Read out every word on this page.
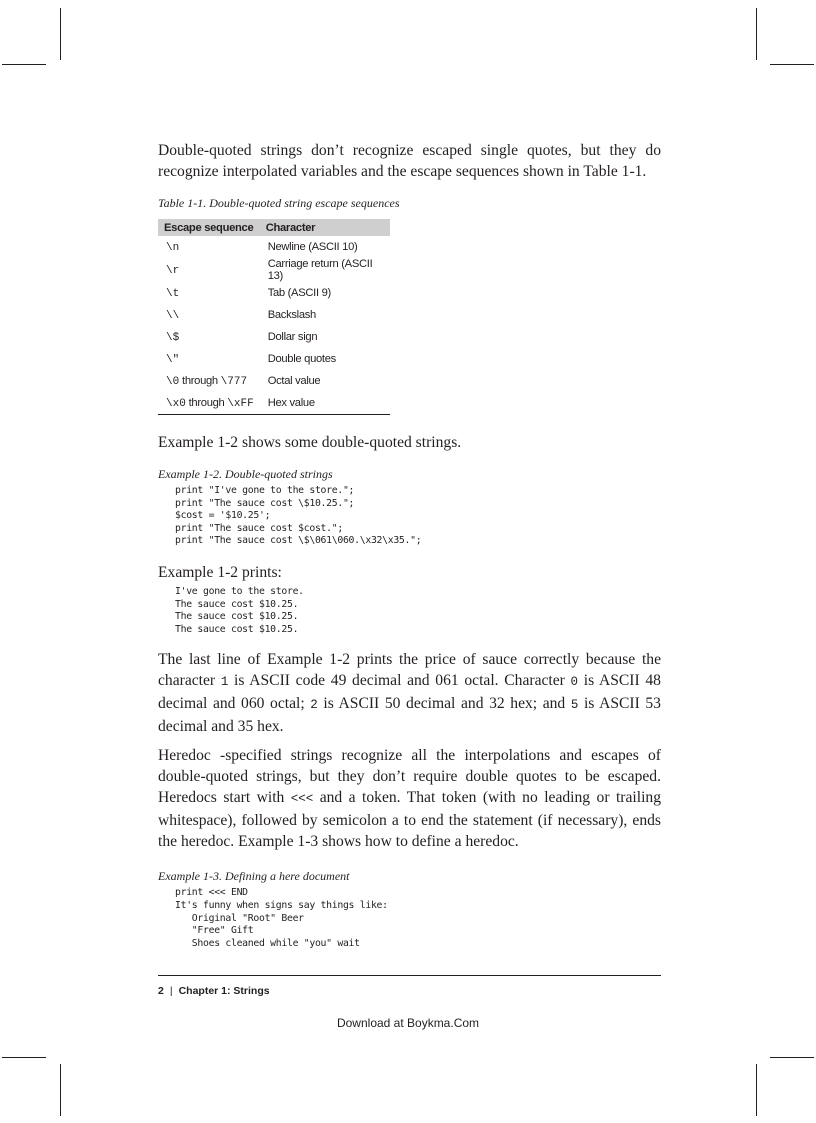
Double-quoted strings don’t recognize escaped single quotes, but they do recognize interpolated variables and the escape sequences shown in Table 1-1.

Table 1-1. Double-quoted string escape sequences

Escape sequence	Character
\n	Newline (ASCII 10)
\r	Carriage return (ASCII 13)
\t	Tab (ASCII 9)
\\	Backslash
\$	Dollar sign
\"	Double quotes
\0 through \777	Octal value
\x0 through \xFF	Hex value

Example 1-2 shows some double-quoted strings.

Example 1-2. Double-quoted strings

print "I've gone to the store.";
print "The sauce cost \$10.25.";
$cost = '$10.25';
print "The sauce cost $cost.";
print "The sauce cost \$\061\060.\x32\x35.";

Example 1-2 prints:

I've gone to the store.
The sauce cost $10.25.
The sauce cost $10.25.
The sauce cost $10.25.

The last line of Example 1-2 prints the price of sauce correctly because the character 1 is ASCII code 49 decimal and 061 octal. Character 0 is ASCII 48 decimal and 060 octal; 2 is ASCII 50 decimal and 32 hex; and 5 is ASCII 53 decimal and 35 hex.

Heredoc -specified strings recognize all the interpolations and escapes of double-quoted strings, but they don’t require double quotes to be escaped. Heredocs start with <<< and a token. That token (with no leading or trailing whitespace), followed by semicolon a to end the statement (if necessary), ends the heredoc. Example 1-3 shows how to define a heredoc.

Example 1-3. Defining a here document

print <<< END
It's funny when signs say things like:
Original "Root" Beer
"Free" Gift
Shoes cleaned while "you" wait
2 | Chapter 1: Strings
Download at Boykma.Com
